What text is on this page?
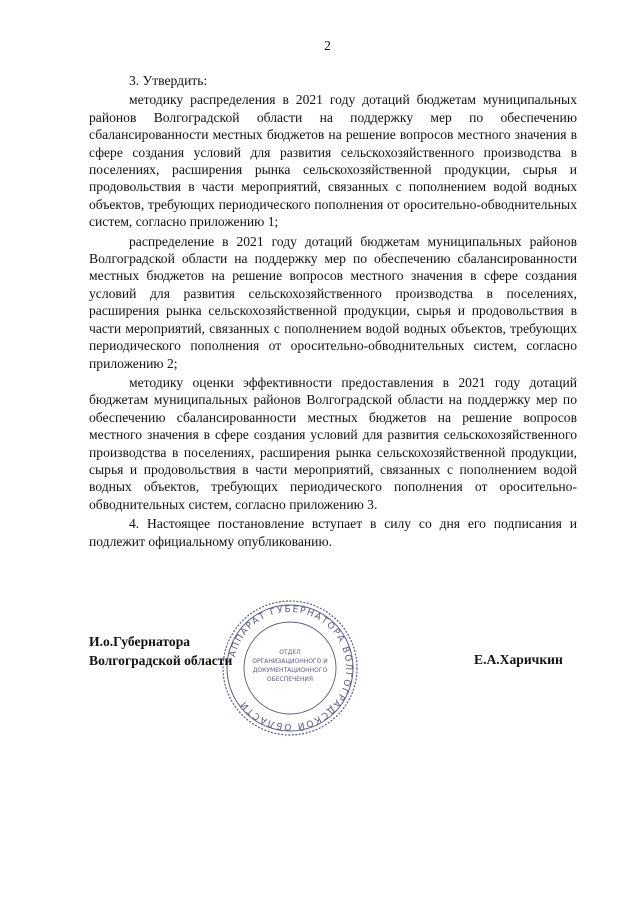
2

3. Утвердить:

методику распределения в 2021 году дотаций бюджетам муниципальных районов Волгоградской области на поддержку мер по обеспечению сбалансированности местных бюджетов на решение вопросов местного значения в сфере создания условий для развития сельскохозяйственного производства в поселениях, расширения рынка сельскохозяйственной продукции, сырья и продовольствия в части мероприятий, связанных с пополнением водой водных объектов, требующих периодического пополнения от оросительно-обводнительных систем, согласно приложению 1;

распределение в 2021 году дотаций бюджетам муниципальных районов Волгоградской области на поддержку мер по обеспечению сбалансированности местных бюджетов на решение вопросов местного значения в сфере создания условий для развития сельскохозяйственного производства в поселениях, расширения рынка сельскохозяйственной продукции, сырья и продовольствия в части мероприятий, связанных с пополнением водой водных объектов, требующих периодического пополнения от оросительно-обводнительных систем, согласно приложению 2;

методику оценки эффективности предоставления в 2021 году дотаций бюджетам муниципальных районов Волгоградской области на поддержку мер по обеспечению сбалансированности местных бюджетов на решение вопросов местного значения в сфере создания условий для развития сельскохозяйственного производства в поселениях, расширения рынка сельскохозяйственной продукции, сырья и продовольствия в части мероприятий, связанных с пополнением водой водных объектов, требующих периодического пополнения от оросительно-обводнительных систем, согласно приложению 3.

4. Настоящее постановление вступает в силу со дня его подписания и подлежит официальному опубликованию.

АППАРАТ ГУБЕРНАТОРА ВОЛГОГРАДСКОЙ ОБЛАСТИ
ОТДЕЛ
ОРГАНИЗАЦИОННОГО И
ДОКУМЕНТАЦИОННОГО
ОБЕСПЕЧЕНИЯ
И.о.Губернатора
Волгоградской области	Е.А.Харичкин
